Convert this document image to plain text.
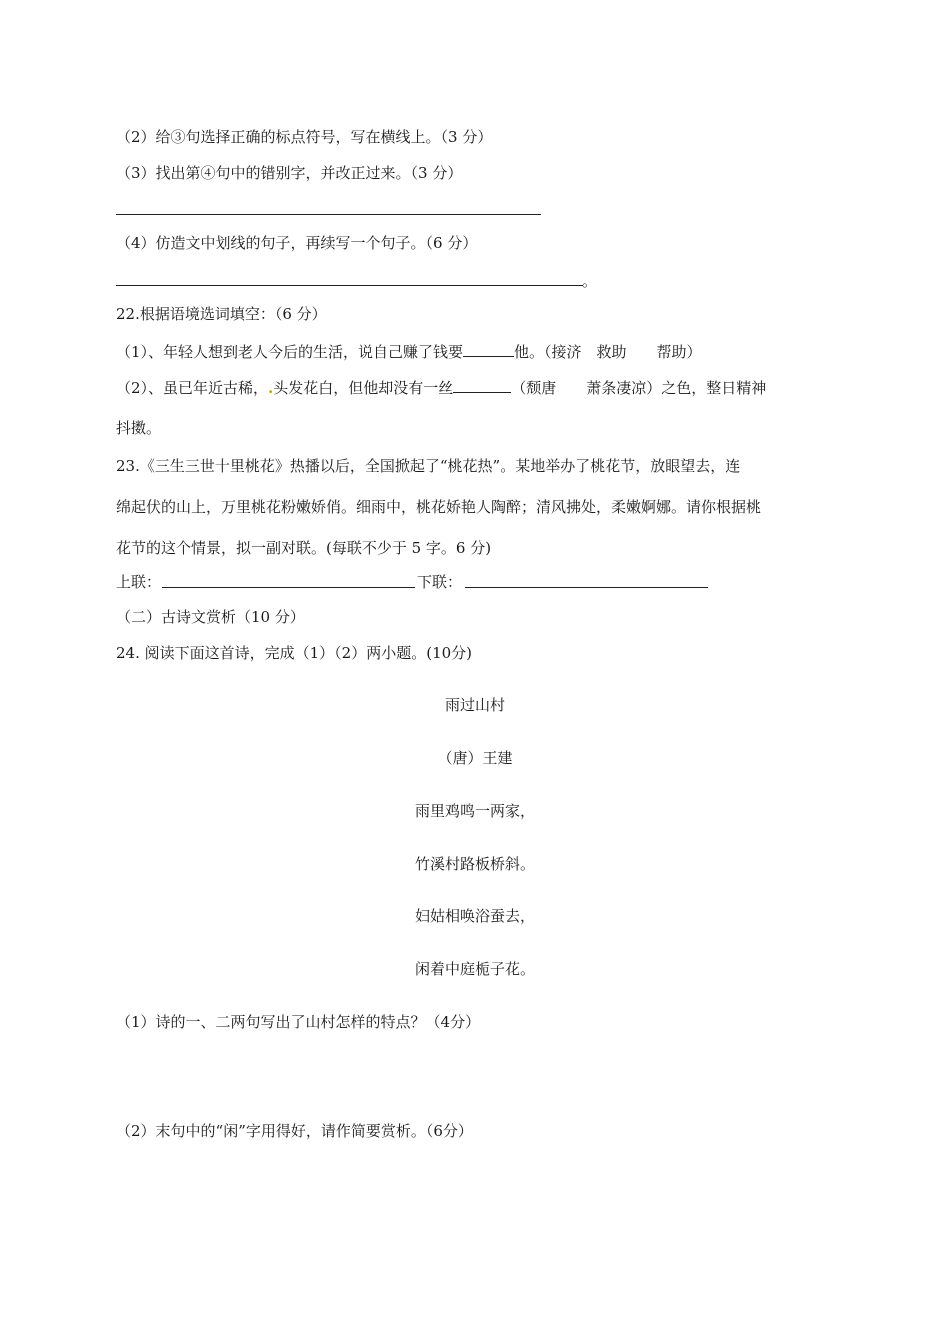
（2）给③句选择正确的标点符号，写在横线上。（3 分）
（3）找出第④句中的错别字，并改正过来。（3 分）
（4）仿造文中划线的句子，再续写一个句子。（6 分）
。
22.根据语境选词填空：（6 分）
（1）、年轻人想到老人今后的生活，说自己赚了钱要	他。（接济　救助　　帮助）
（2）、虽已年近古稀，.头发花白，但他却没有一丝	（颓唐　　萧条凄凉）之色，整日精神
抖擞。
23.《三生三世十里桃花》热播以后，全国掀起了“桃花热”。某地举办了桃花节，放眼望去，连
绵起伏的山上，万里桃花粉嫩娇俏。细雨中，桃花娇艳人陶醉；清风拂处，柔嫩婀娜。请你根据桃
花节的这个情景，拟一副对联。(每联不少于 5 字。6 分)
上联：	下联：
（二）古诗文赏析（10 分）
24. 阅读下面这首诗，完成（1）（2）两小题。(10分)
雨过山村
（唐）王建
雨里鸡鸣一两家，
竹溪村路板桥斜。
妇姑相唤浴蚕去，
闲着中庭栀子花。
（1）诗的一、二两句写出了山村怎样的特点？（4分）
（2）末句中的“闲”字用得好，请作简要赏析。（6分）
